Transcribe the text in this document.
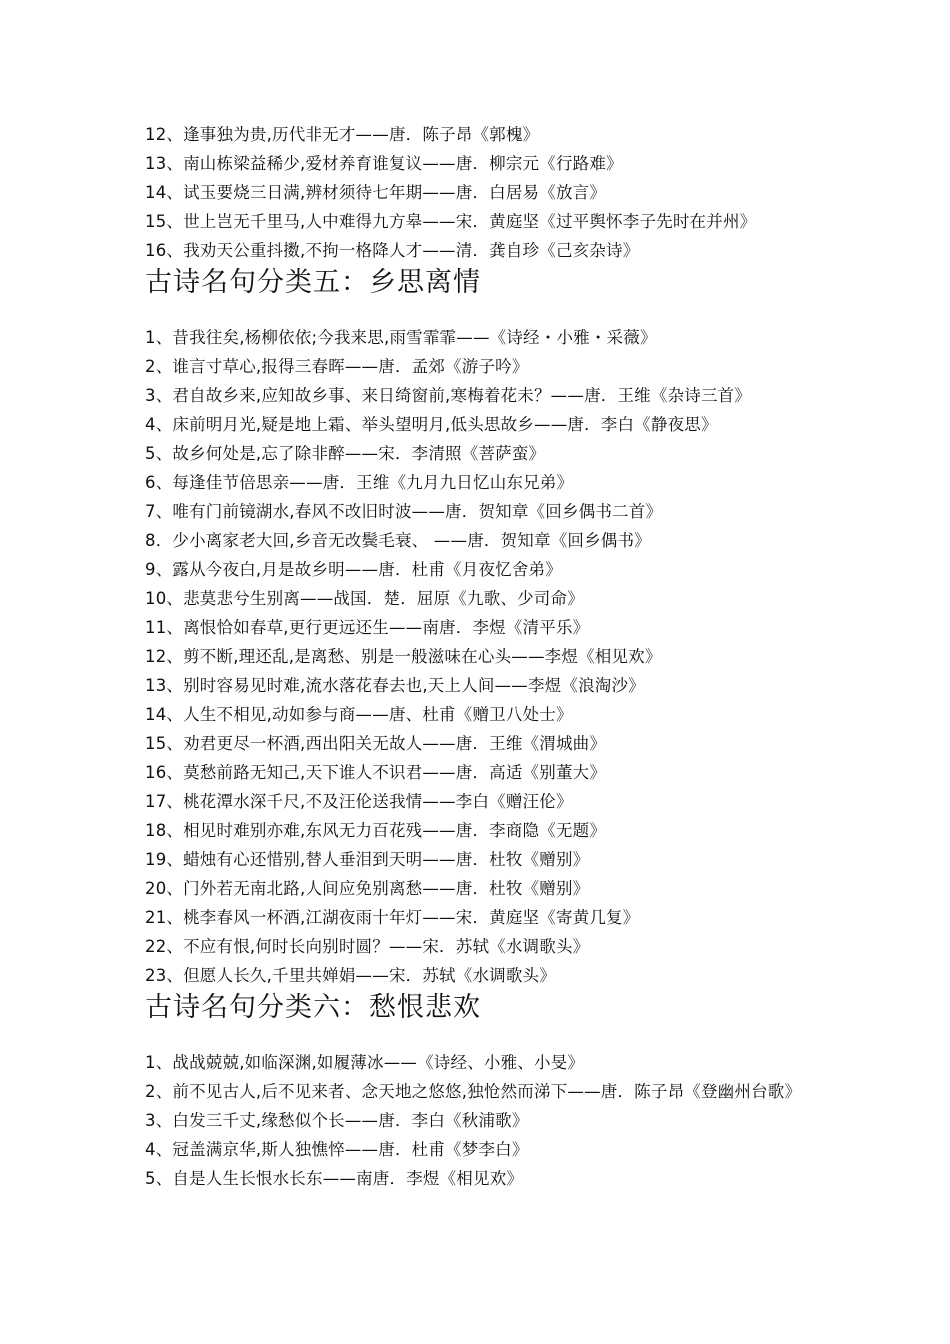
12、逢事独为贵,历代非无才——唐．陈子昂《郭槐》
13、南山栋梁益稀少,爱材养育谁复议——唐．柳宗元《行路难》
14、试玉要烧三日满,辨材须待七年期——唐．白居易《放言》
15、世上岂无千里马,人中难得九方皋——宋．黄庭坚《过平舆怀李子先时在并州》
16、我劝天公重抖擞,不拘一格降人才——清．龚自珍《己亥杂诗》
古诗名句分类五：乡思离情
1、昔我往矣,杨柳依依;今我来思,雨雪霏霏——《诗经・小雅・采薇》
2、谁言寸草心,报得三春晖——唐．孟郊《游子吟》
3、君自故乡来,应知故乡事、来日绮窗前,寒梅着花未？——唐．王维《杂诗三首》
4、床前明月光,疑是地上霜、举头望明月,低头思故乡——唐．李白《静夜思》
5、故乡何处是,忘了除非醉——宋．李清照《菩萨蛮》
6、每逢佳节倍思亲——唐．王维《九月九日忆山东兄弟》
7、唯有门前镜湖水,春风不改旧时波——唐．贺知章《回乡偶书二首》
8．少小离家老大回,乡音无改鬓毛衰、 ——唐．贺知章《回乡偶书》
9、露从今夜白,月是故乡明——唐．杜甫《月夜忆舍弟》
10、悲莫悲兮生别离——战国．楚．屈原《九歌、少司命》
11、离恨恰如春草,更行更远还生——南唐．李煜《清平乐》
12、剪不断,理还乱,是离愁、别是一般滋味在心头——李煜《相见欢》
13、别时容易见时难,流水落花春去也,天上人间——李煜《浪淘沙》
14、人生不相见,动如参与商——唐、杜甫《赠卫八处士》
15、劝君更尽一杯酒,西出阳关无故人——唐．王维《渭城曲》
16、莫愁前路无知己,天下谁人不识君——唐．高适《别董大》
17、桃花潭水深千尺,不及汪伦送我情——李白《赠汪伦》
18、相见时难别亦难,东风无力百花残——唐．李商隐《无题》
19、蜡烛有心还惜别,替人垂泪到天明——唐．杜牧《赠别》
20、门外若无南北路,人间应免别离愁——唐．杜牧《赠别》
21、桃李春风一杯酒,江湖夜雨十年灯——宋．黄庭坚《寄黄几复》
22、不应有恨,何时长向别时圆？——宋．苏轼《水调歌头》
23、但愿人长久,千里共婵娟——宋．苏轼《水调歌头》
古诗名句分类六：愁恨悲欢
1、战战兢兢,如临深渊,如履薄冰——《诗经、小雅、小旻》
2、前不见古人,后不见来者、念天地之悠悠,独怆然而涕下——唐．陈子昂《登幽州台歌》
3、白发三千丈,缘愁似个长——唐．李白《秋浦歌》
4、冠盖满京华,斯人独憔悴——唐．杜甫《梦李白》
5、自是人生长恨水长东——南唐．李煜《相见欢》
